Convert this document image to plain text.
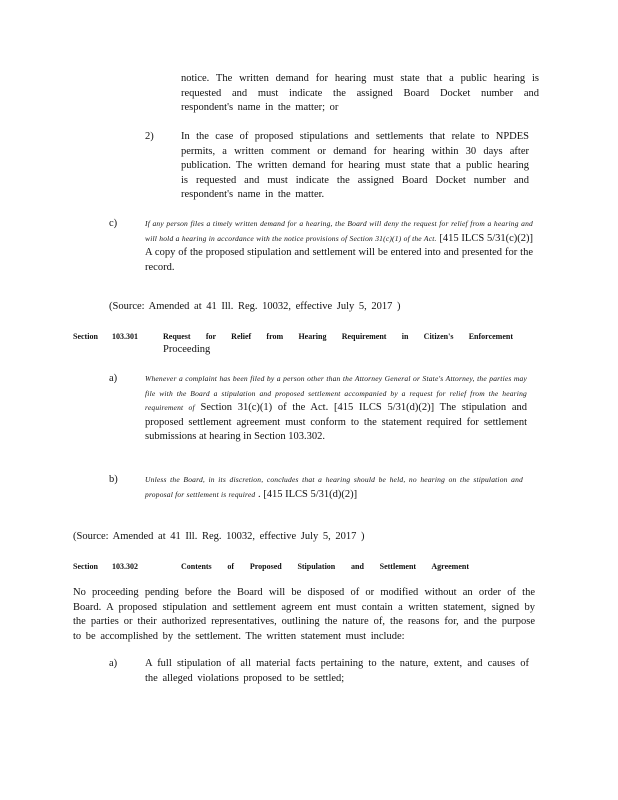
notice. The written demand for hearing must state that a public hearing is requested and must indicate the assigned Board Docket number and respondent's name in the matter; or
2)	In the case of proposed stipulations and settlements that relate to NPDES permits, a written comment or demand for hearing within 30 days after publication. The written demand for hearing must state that a public hearing is requested and must indicate the assigned Board Docket number and respondent's name in the matter.
c)	If any person files a timely written demand for a hearing, the Board will deny the request for relief from a hearing and will hold a hearing in accordance with the notice provisions of Section 31(c)(1) of the Act. [415 ILCS 5/31(c)(2)] A copy of the proposed stipulation and settlement will be entered into and presented for the record.
(Source: Amended at 41 Ill. Reg. 10032, effective July 5, 2017 )
Section 103.301	Request for Relief from Hearing Requirement in Citizen's Enforcement
Proceeding
a)	Whenever a complaint has been filed by a person other than the Attorney General or State's Attorney, the parties may file with the Board a stipulation and proposed settlement accompanied by a request for relief from the hearing requirement of Section 31(c)(1) of the Act. [415 ILCS 5/31(d)(2)] The stipulation and proposed settlement agreement must conform to the statement required for settlement submissions at hearing in Section 103.302.
b)	Unless the Board, in its discretion, concludes that a hearing should be held, no hearing on the stipulation and proposal for settlement is required . [415 ILCS 5/31(d)(2)]
(Source: Amended at 41 Ill. Reg. 10032, effective July 5, 2017 )
Section 103.302	Contents of Proposed Stipulation and Settlement Agreement
No proceeding pending before the Board will be disposed of or modified without an order of the Board. A proposed stipulation and settlement agreem ent must contain a written statement, signed by the parties or their authorized representatives, outlining the nature of, the reasons for, and the purpose to be accomplished by the settlement. The written statement must include:
a)	A full stipulation of all material facts pertaining to the nature, extent, and causes of the alleged violations proposed to be settled;
